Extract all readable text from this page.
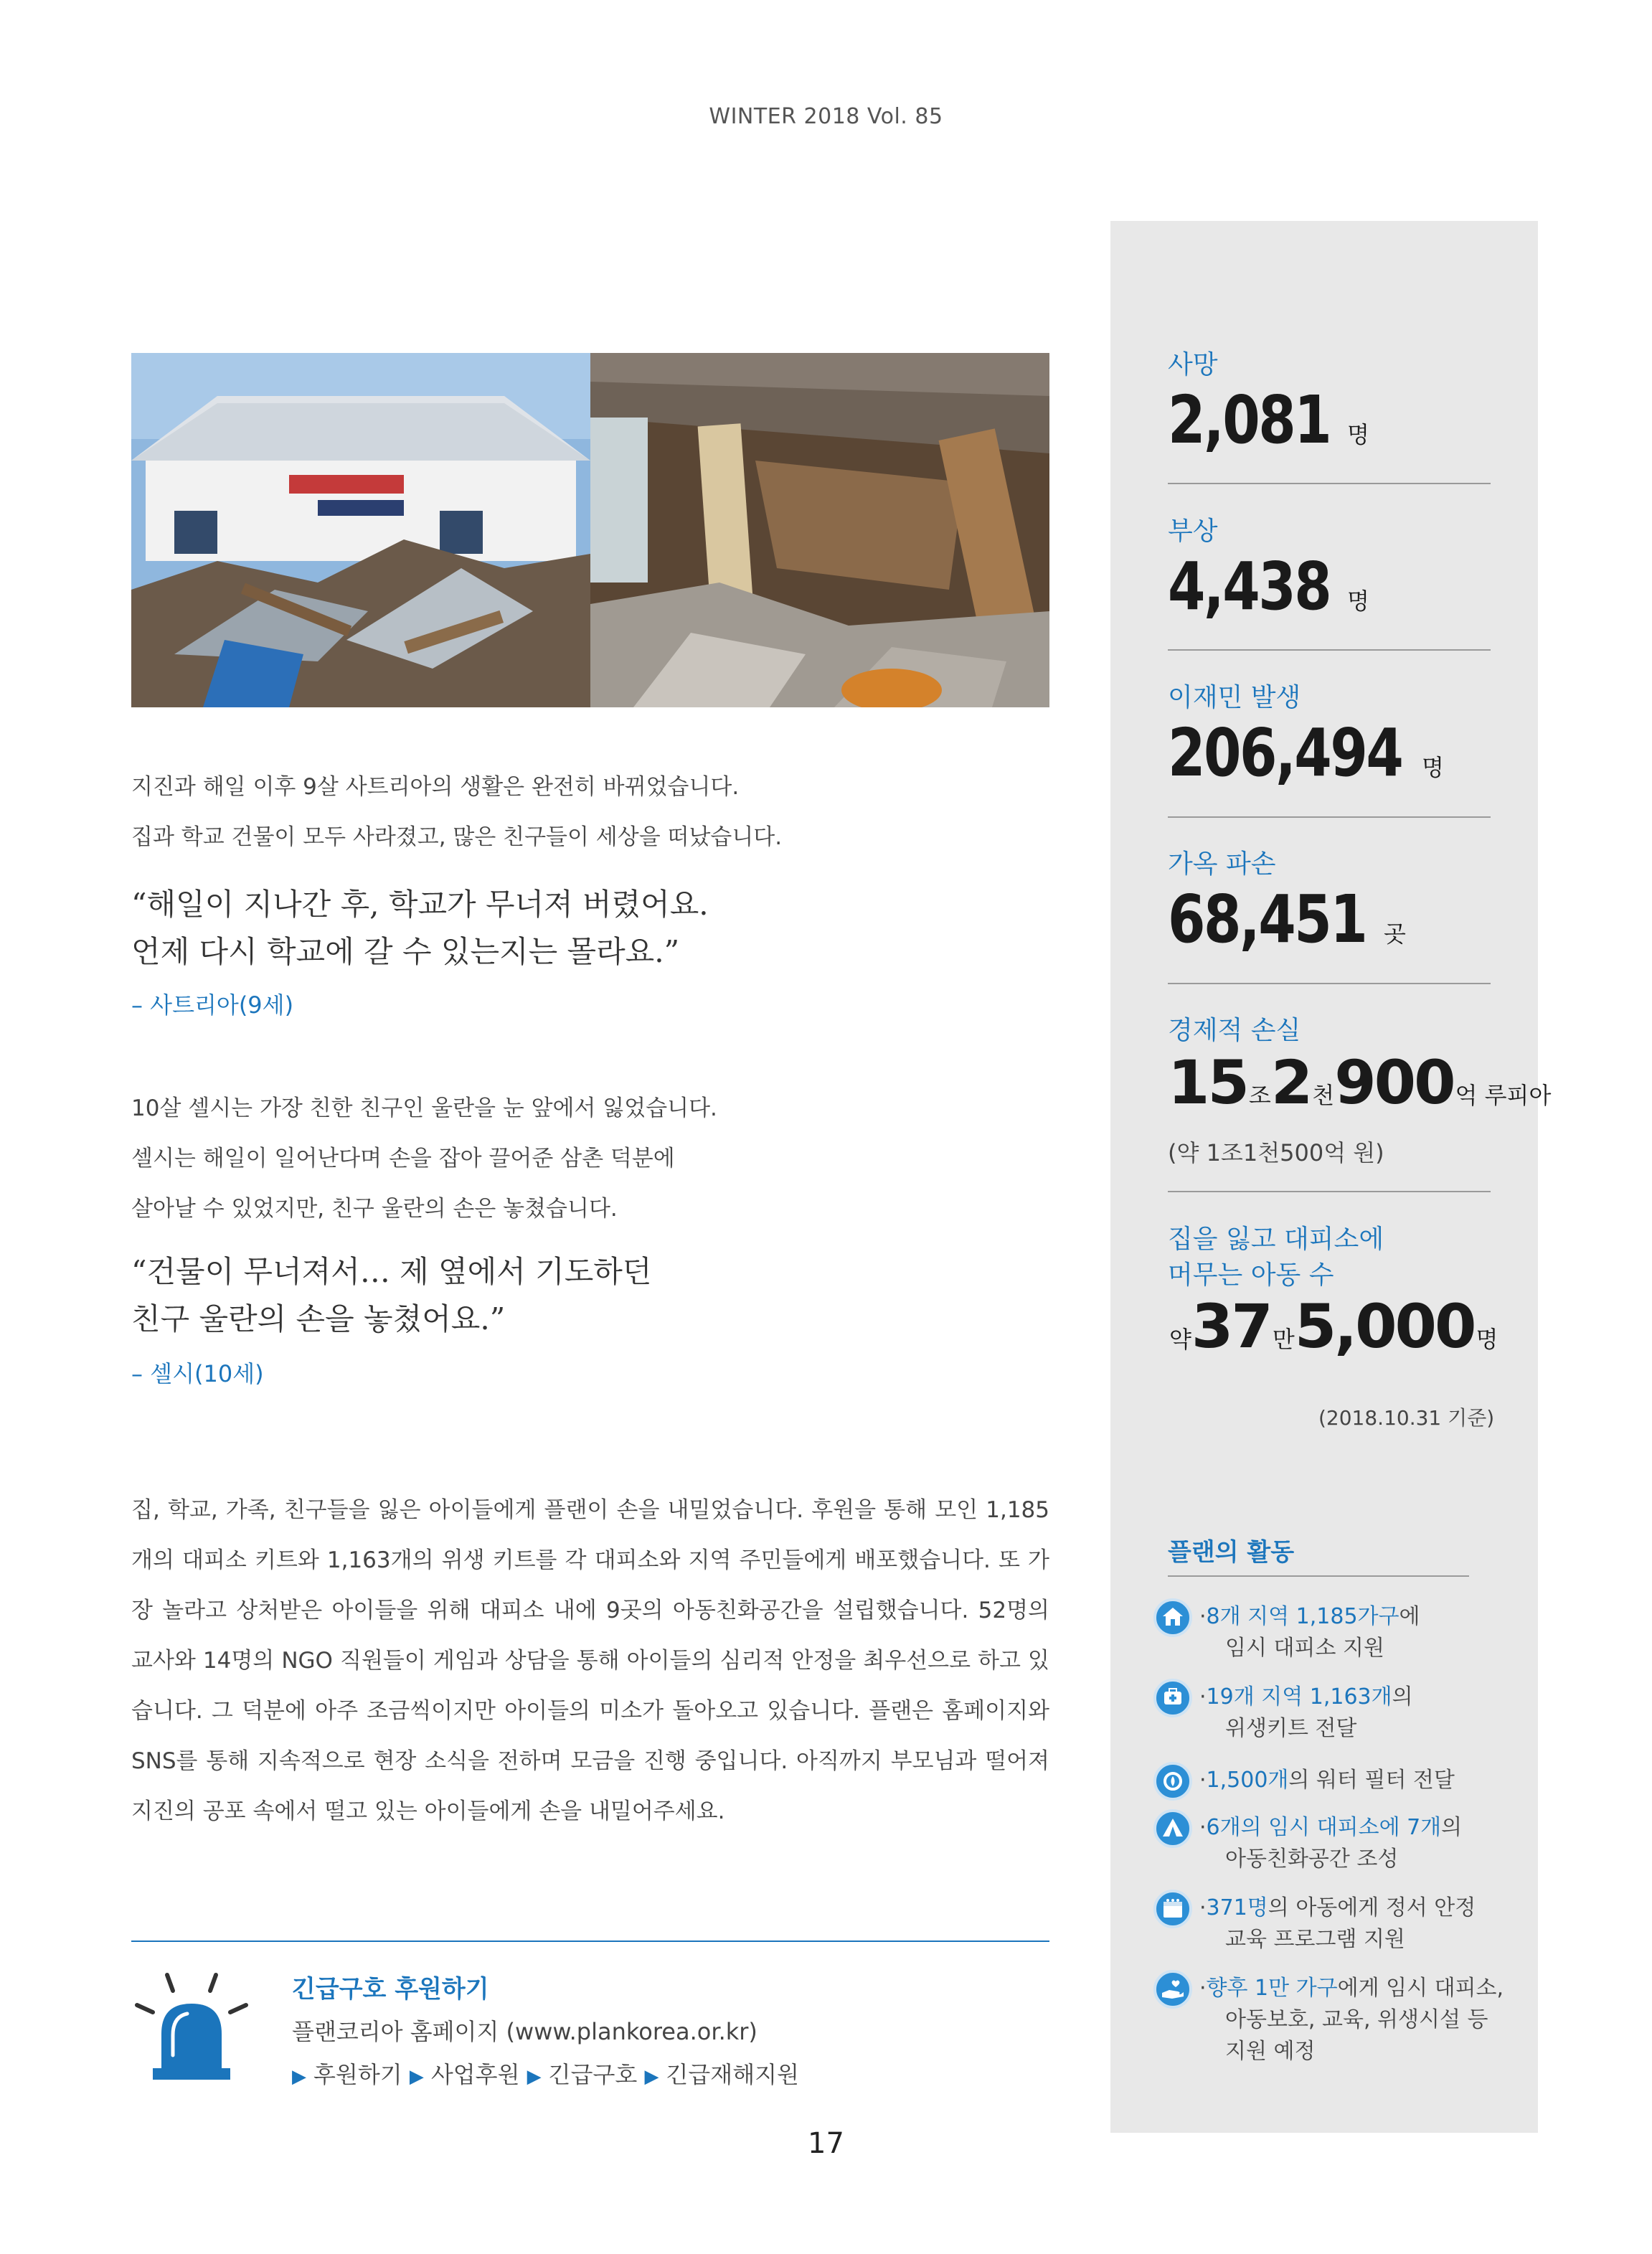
WINTER 2018 Vol. 85
지진과 해일 이후 9살 사트리아의 생활은 완전히 바뀌었습니다.
집과 학교 건물이 모두 사라졌고, 많은 친구들이 세상을 떠났습니다.
“해일이 지나간 후, 학교가 무너져 버렸어요.
언제 다시 학교에 갈 수 있는지는 몰라요.”
– 사트리아(9세)
10살 셀시는 가장 친한 친구인 울란을 눈 앞에서 잃었습니다.
셀시는 해일이 일어난다며 손을 잡아 끌어준 삼촌 덕분에
살아날 수 있었지만, 친구 울란의 손은 놓쳤습니다.
“건물이 무너져서… 제 옆에서 기도하던
친구 울란의 손을 놓쳤어요.”
– 셀시(10세)
집, 학교, 가족, 친구들을 잃은 아이들에게 플랜이 손을 내밀었습니다. 후원을 통해 모인 1,185개의 대피소 키트와 1,163개의 위생 키트를 각 대피소와 지역 주민들에게 배포했습니다. 또 가장 놀라고 상처받은 아이들을 위해 대피소 내에 9곳의 아동친화공간을 설립했습니다. 52명의 교사와 14명의 NGO 직원들이 게임과 상담을 통해 아이들의 심리적 안정을 최우선으로 하고 있습니다. 그 덕분에 아주 조금씩이지만 아이들의 미소가 돌아오고 있습니다. 플랜은 홈페이지와 SNS를 통해 지속적으로 현장 소식을 전하며 모금을 진행 중입니다. 아직까지 부모님과 떨어져 지진의 공포 속에서 떨고 있는 아이들에게 손을 내밀어주세요.
긴급구호 후원하기
플랜코리아 홈페이지 (www.plankorea.or.kr)
▶ 후원하기 ▶ 사업후원 ▶ 긴급구호 ▶ 긴급재해지원
17
사망
2,081 명
부상
4,438 명
이재민 발생
206,494 명
가옥 파손
68,451 곳
경제적 손실
15조2천900억 루피아
(약 1조1천500억 원)
집을 잃고 대피소에
머무는 아동 수
약37만5,000명
(2018.10.31 기준)
플랜의 활동
·8개 지역 1,185가구에
임시 대피소 지원
·19개 지역 1,163개의
위생키트 전달
·1,500개의 워터 필터 전달
·6개의 임시 대피소에 7개의
아동친화공간 조성
·371명의 아동에게 정서 안정
교육 프로그램 지원
·향후 1만 가구에게 임시 대피소,
아동보호, 교육, 위생시설 등
지원 예정
